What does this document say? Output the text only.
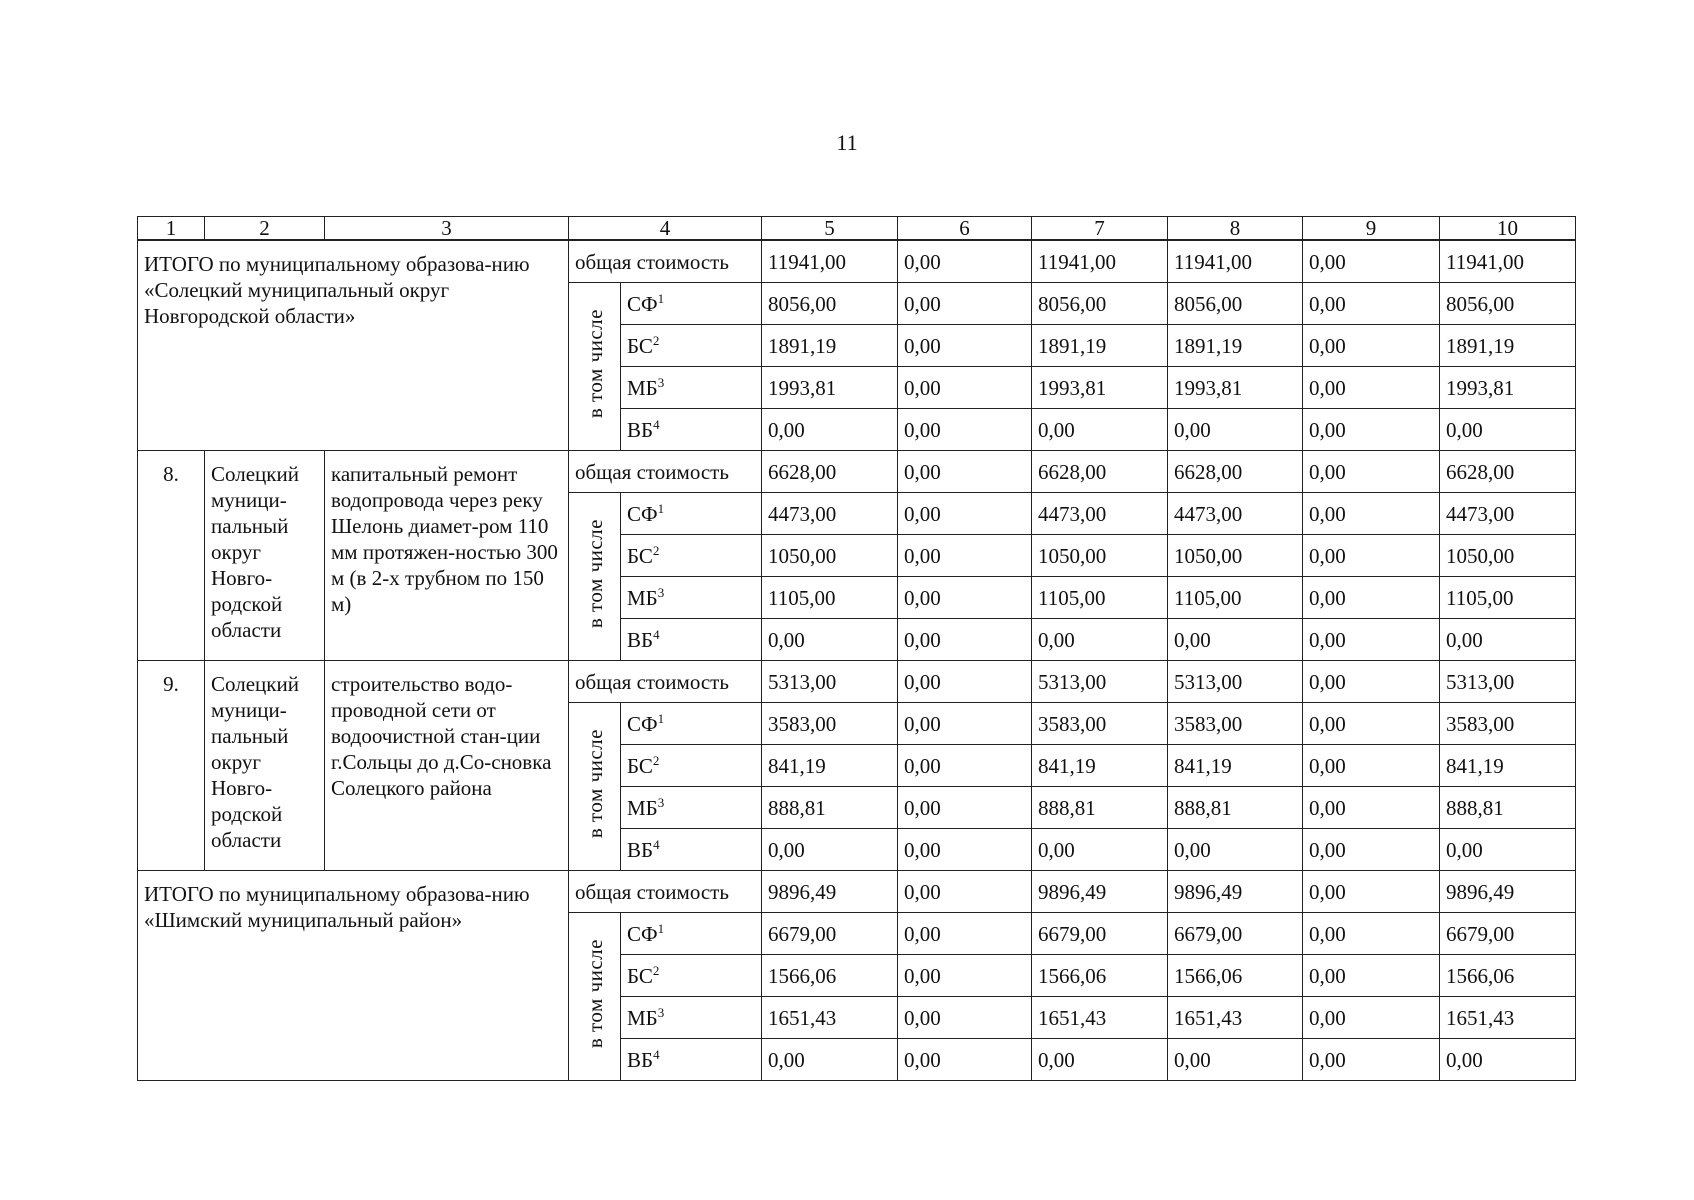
11
1	2	3	4		5	6	7	8	9	10
ИТОГО по муниципальному образова-нию «Солецкий муниципальный округ Новгородской области»			общая стоимость		11941,00	0,00	11941,00	11941,00	0,00	11941,00
			в том числе	$СФ^1$	8056,00	0,00	8056,00	8056,00	0,00	8056,00
				$БС^2$	1891,19	0,00	1891,19	1891,19	0,00	1891,19
				$МБ^3$	1993,81	0,00	1993,81	1993,81	0,00	1993,81
				$ВБ^4$	0,00	0,00	0,00	0,00	0,00	0,00
8.	Солецкий муници-пальный округ Новго-родской области	капитальный ремонт водопровода через реку Шелонь диамет-ром 110 мм протяжен-ностью 300 м (в 2-х трубном по 150 м)	общая стоимость		6628,00	0,00	6628,00	6628,00	0,00	6628,00
			в том числе	$СФ^1$	4473,00	0,00	4473,00	4473,00	0,00	4473,00
				$БС^2$	1050,00	0,00	1050,00	1050,00	0,00	1050,00
				$МБ^3$	1105,00	0,00	1105,00	1105,00	0,00	1105,00
				$ВБ^4$	0,00	0,00	0,00	0,00	0,00	0,00
9.	Солецкий муници-пальный округ Новго-родской области	строительство водо-проводной сети от водоочистной стан-ции г.Сольцы до д.Со-сновка Солецкого района	общая стоимость		5313,00	0,00	5313,00	5313,00	0,00	5313,00
			в том числе	$СФ^1$	3583,00	0,00	3583,00	3583,00	0,00	3583,00
				$БС^2$	841,19	0,00	841,19	841,19	0,00	841,19
				$МБ^3$	888,81	0,00	888,81	888,81	0,00	888,81
				$ВБ^4$	0,00	0,00	0,00	0,00	0,00	0,00
ИТОГО по муниципальному образова-нию «Шимский муниципальный район»			общая стоимость		9896,49	0,00	9896,49	9896,49	0,00	9896,49
			в том числе	$СФ^1$	6679,00	0,00	6679,00	6679,00	0,00	6679,00
				$БС^2$	1566,06	0,00	1566,06	1566,06	0,00	1566,06
				$МБ^3$	1651,43	0,00	1651,43	1651,43	0,00	1651,43
				$ВБ^4$	0,00	0,00	0,00	0,00	0,00	0,00
